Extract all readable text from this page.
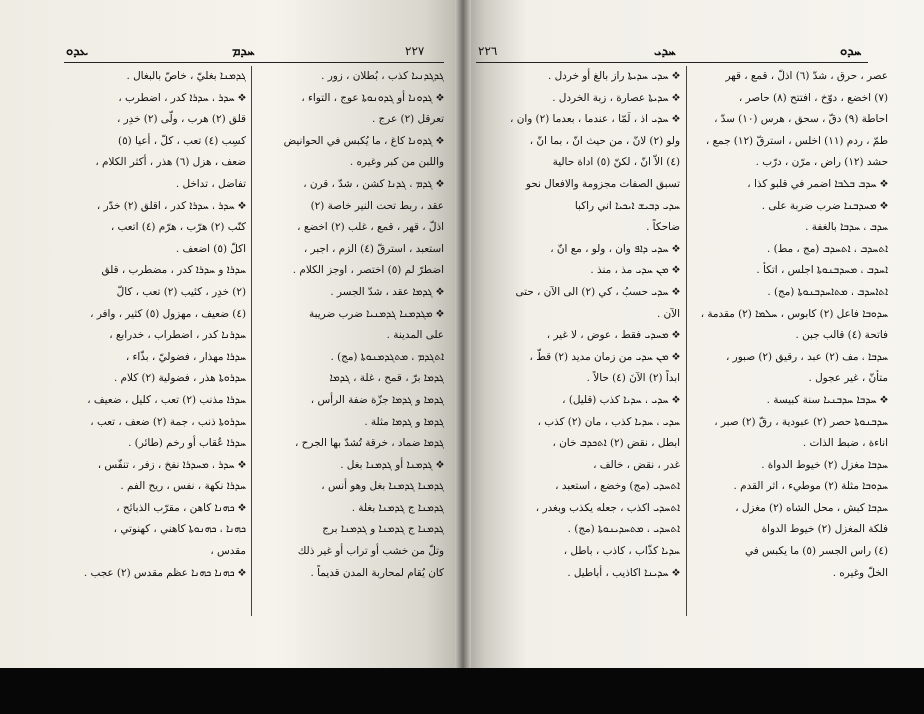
ܥܕܘ	ܚܕܡ	٢٢٧
ܓܕܡܢܐ بغليّ ، خاصّ بالبغال .
❖ ܚܕܪ ، ܚܕܪܐ كدر ، اضطرب ،
قلق (٢) هرب ، ولّى (٢) خدِر ،
كسِب (٤) تعب ، كلّ ، أعيا (٥)
ضعف ، هزل (٦) هذر ، أكثر الكلام ،
تفاضل ، تداخل .
❖ ܚܕܪ ، ܚܕܪܐ كدر ، اقلق (٢) خدّر ،
كنّب (٢) هرّب ، هرّم (٤) اتعب ،
اكلّ (٥) اضعف .
ܚܕܪܐ و ܚܕܪܐ كدر ، مضطرب ، قلق
(٢) خدِر ، كئيب (٢) تعب ، كالّ
(٤) ضعيف ، مهزول (٥) كثير ، وافر ،
ܚܕܪܢܐ كدر ، اضطراب ، خدرابع ،
ܚܕܪܐ مهذار ، فضوليّ ، بذّاء ،
ܚܕܪܘܬܐ هذر ، فضولية (٢) كلام .
ܚܕܪܐ مذنب (٢) تعب ، كليل ، ضعيف ،
ܚܕܪܘܬܐ ذنب ، جمة (٢) ضعف ، تعب ،
ܚܕܪܐ عُقاب أو رخم (طائر) .
❖ ܚܕܪ ، ܡܚܕܪܐ نفخ ، زفر ، تنفّس ،
ܚܕܪܐ نكهة ، نفس ، ريح الفم .
❖ ܟܗܢܐ كاهن ، مقرّب الذبائح ،
ܟܗܢܐ ، ܟܗܢܘܬܐ كاهني ، كهنوتي ،
مقدس ،
❖ ܟܗܢܐ ܟܗܢܐ عظم مقدس (٢) عجب .
ܓܕܓܕܢܝܐ كذب ، بُطلان ، زور .
❖ ܓܕܘܢܐ أو ܓܕܘܢܘܬܐ عوج ، التواء ،
تعرقل (٢) عرج .
❖ ܓܕܘܢܐ كاغ ، ما يُكبس في الحوانيض
واللبن من كبر وغيره .
❖ ܓܕܡ ، ܓܕܢܐ كشن ، شدّ ، قرن ،
عقد ، ربط تحت النير خاصة (٢)
اذلّ ، قهر ، قمع ، غلب (٢) اخضع ،
استعبد ، استرقّ (٤) الزم ، اجبر ،
اضطرّ لم (٥) اختصر ، اوجز الكلام .
❖ ܓܕܡܐ عقد ، شدّ الجسر .
❖ ܡܓܕܡܢܐ ܓܕܡܢܝܐ ضرب ضريبة
على المدينة .
ܐܬܓܕܡ ، ܡܬܓܕܡܢܘܬܐ (مج) .
ܓܕܡܐ برّ ، قمح ، غلة ، ܓܕܡܐ
ܓܕܡܐ و ܓܕܡܐ جزّة ضفة الرأس ،
ܓܕܡܐ و ܓܕܡܐ مثلة .
ܓܕܡܐ ضماد ، خرقة تُشدّ بها الجرح ،
❖ ܓܕܡܢܐ أو ܓܕܡܢܐ بغل .
ܓܕܡܢܐ ܓܕܡܢܐ بغل وهو أنس ،
ܓܕܡܢܐ ج ܓܕܡܢܐ بغلة .
ܓܕܡܢܐ ج ܓܕܡܢܐ و ܓܕܡܢܐ برج
وتلّ من خشب أو تراب أو غير ذلك
كان يُقام لمحاربة المدن قديماً .
٢٢٦	ܚܕܝ	ܚܕܘ
❖ ܚܕܝ ܚܕܝܬܐ راز بالغ أو خردل .
❖ ܚܕܝܬܐ عصارة ، زبة الخردل .
❖ ܚܕܝ اذ ، لَمّا ، عندما ، بعدما (٢) وان ،
ولو (٢) لانّ ، من حيث انّ ، بما انّ ،
(٤) الاّ انّ ، لكنّ (٥) اداة حالية
تسبق الصفات مجزومة والافعال نحو
ܚܕܝ ܕܒܝܫ ܐܝܟܝܐ اني راكبا
ضاحكاً .
❖ ܚܕܝ ܕܐܦ وان ، ولو ، مع انّ ،
❖ ܡܢ ܚܕܝ مذ ، منذ .
❖ ܚܕܝ حسبُ ، كي (٢) الى الآن ، حتى
الآن .
❖ ܡܚܕܝ فقط ، عوض ، لا غير ،
❖ ܡܢ ܚܕܝ من زمان مديد (٢) قطّ ،
ابداً (٢) الآنَ (٤) حالاً .
❖ ܚܕܝ ، ܚܕܝܐ كذب (قليل) ،
ܚܕܝ ، ܚܕܝܐ كذب ، مان (٢) كذب ،
ابطل ، نقض (٢) ܐܬܟܕܒ خان ،
غدر ، نقض ، خالف ،
ܐܬܚܕܝ (مج) وخضع ، استعبد ،
ܐܬܚܕܝ اكذب ، جعله يكذب وبغدر ،
ܐܬܚܕܝ ، ܡܬܚܕܝܢܘܬܐ (مج) .
ܚܕܝܐ كذّاب ، كاذب ، باطل ،
❖ ܚܕܝܢܐ اكاذيب ، أباطيل .
عصر ، حرق ، شدّ (٦) اذلّ ، قمع ، قهر
(٧) اخضع ، دوّخ ، افتتح (٨) حاصر ،
احاطة (٩) دقّ ، سحق ، هرس (١٠) سدّ ،
طمّ ، ردم (١١) اخلس ، استرقّ (١٢) جمع ،
حشد (١٢) راض ، مرّن ، درّب .
❖ ܚܕܒ ܒܠܒܐ اضمر في قلبو كذا ،
❖ ܡܚܕܒܢܐ ضرب ضربة على .
ܚܕܒ ، ܚܕܒܐ بالغفة .
ܐܬܚܕܒ ، ܐܬܚܕܒ (مج ، مط) .
ܐܚܕܒ ، ܡܚܕܒܢܘܬܐ اجلس ، اتكأ .
ܐܬܐܚܕܒ ، ܡܬܐܚܕܒܢܘܬܐ (مج) .
ܚܕܘܒܐ فاعل (٢) كابوس ، ܚܠܡܐ (٢) مقدمة ،
فاتحة (٤) قالب جبن .
ܚܕܒܐ ، مف (٢) عبد ، رقيق (٢) صبور ،
متأنّ ، غير عجول .
❖ ܚܕܒܐ ܚܕܒܢܝܐ سنة كبيسة .
ܚܕܒܢܘܬܐ حصر (٢) عبودية ، رقّ (٢) صبر ،
اناءة ، ضبط الذات .
ܚܕܒܐ مغزل (٢) خيوط الدواة .
ܚܕܘܒܐ مثلة (٢) موطيء ، اثر القدم .
ܚܕܒܐ كبش ، محل الشاه (٢) مغزل ،
فلكة المغزل (٢) خيوط الدواة
(٤) راس الجسر (٥) ما يكبس في
الخلّ وغيره .
